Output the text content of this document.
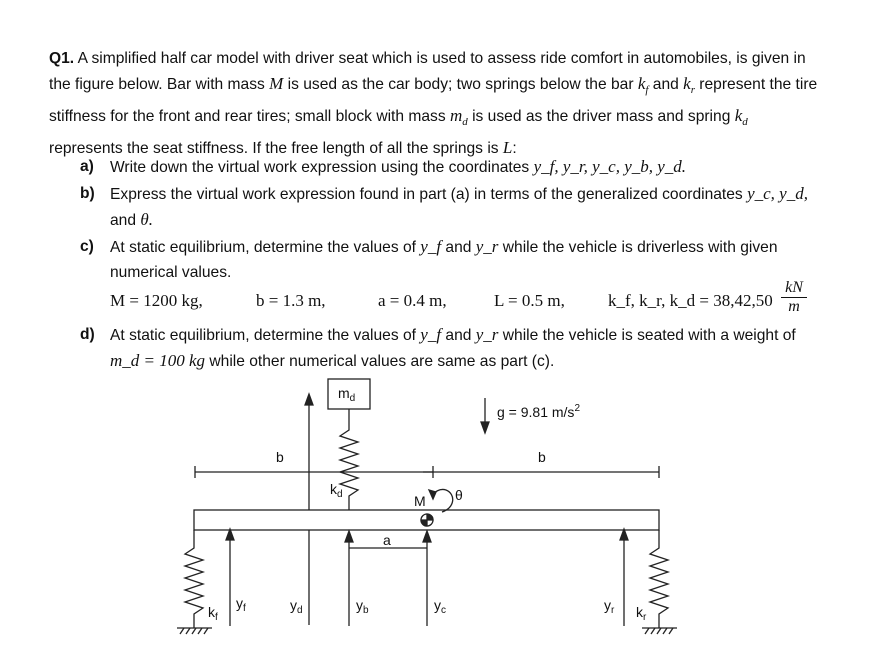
Q1. A simplified half car model with driver seat which is used to assess ride comfort in automobiles, is given in the figure below. Bar with mass M is used as the car body; two springs below the bar $k_f$ and $k_r$ represent the tire stiffness for the front and rear tires; small block with mass $m_d$ is used as the driver mass and spring $k_d$ represents the seat stiffness. If the free length of all the springs is L:
a) Write down the virtual work expression using the coordinates y_f, y_r, y_c, y_b, y_d.
b) Express the virtual work expression found in part (a) in terms of the generalized coordinates y_c, y_d, and θ.
c) At static equilibrium, determine the values of y_f and y_r while the vehicle is driverless with given numerical values.
M = 1200 kg,	b = 1.3 m,	a = 0.4 m,	L = 0.5 m,	k_f, k_r, k_d = $38,42,50 \frac{kN}{m}$
d) At static equilibrium, determine the values of y_f and y_r while the vehicle is seated with a weight of m_d = 100 kg while other numerical values are same as part (c).
$m_d$
g = 9.81 $m/s^2$
b	b
$k_d$	M θ
a
$k_f$
$y_f$	$y_d$	$y_b$	$y_c$	$y_r$ $k_r$
